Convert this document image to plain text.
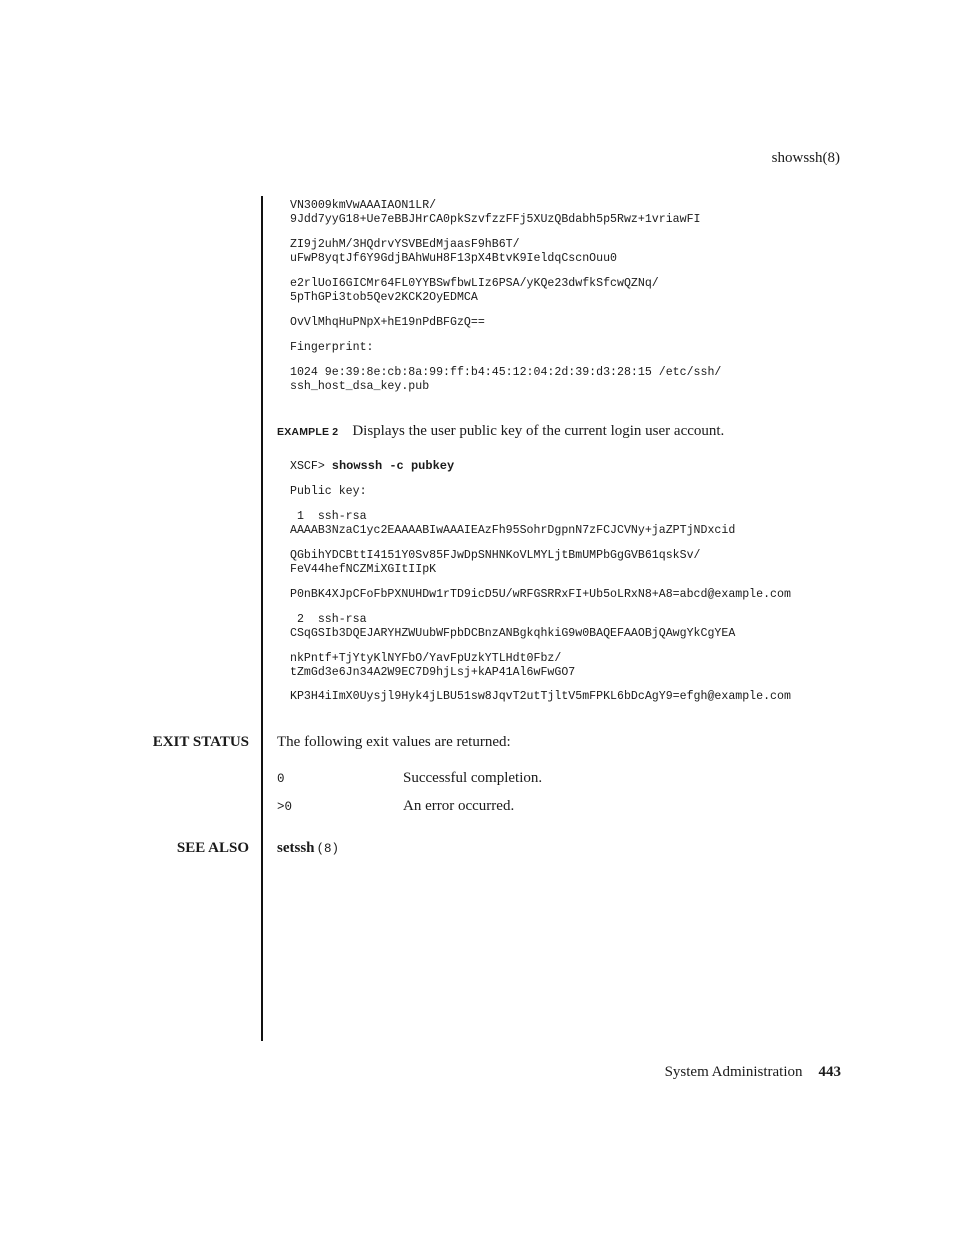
showssh(8)
VN3009kmVwAAAIAON1LR/
9Jdd7yyG18+Ue7eBBJHrCA0pkSzvfzzFFj5XUzQBdabh5p5Rwz+1vriawFI
ZI9j2uhM/3HQdrvYSVBEdMjaasF9hB6T/
uFwP8yqtJf6Y9GdjBAhWuH8F13pX4BtvK9IeldqCscnOuu0
e2rlUoI6GICMr64FL0YYBSwfbwLIz6PSA/yKQe23dwfkSfcwQZNq/
5pThGPi3tob5Qev2KCK2OyEDMCA
OvVlMhqHuPNpX+hE19nPdBFGzQ==
Fingerprint:
1024 9e:39:8e:cb:8a:99:ff:b4:45:12:04:2d:39:d3:28:15 /etc/ssh/
ssh_host_dsa_key.pub
EXAMPLE 2 Displays the user public key of the current login user account.
XSCF> showssh -c pubkey
Public key:
1  ssh-rsa
AAAAB3NzaC1yc2EAAAABIwAAAIEAzFh95SohrDgpnN7zFCJCVNy+jaZPTjNDxcid
QGbihYDCBttI4151Y0Sv85FJwDpSNHNKoVLMYLjtBmUMPbGgGVB61qskSv/
FeV44hefNCZMiXGItIIpK
P0nBK4XJpCFoFbPXNUHDw1rTD9icD5U/wRFGSRRxFI+Ub5oLRxN8+A8=abcd@example.com
2  ssh-rsa
CSqGSIb3DQEJARYHZWUubWFpbDCBnzANBgkqhkiG9w0BAQEFAAOBjQAwgYkCgYEA
nkPntf+TjYtyKlNYFbO/YavFpUzkYTLHdt0Fbz/
tZmGd3e6Jn34A2W9EC7D9hjLsj+kAP41Al6wFwGO7
KP3H4iImX0Uysjl9Hyk4jLBU51sw8JqvT2utTjltV5mFPKL6bDcAgY9=efgh@example.com
EXIT STATUS The following exit values are returned:
0	Successful completion.
>0	An error occurred.
SEE ALSO setssh (8)
System Administration 443
